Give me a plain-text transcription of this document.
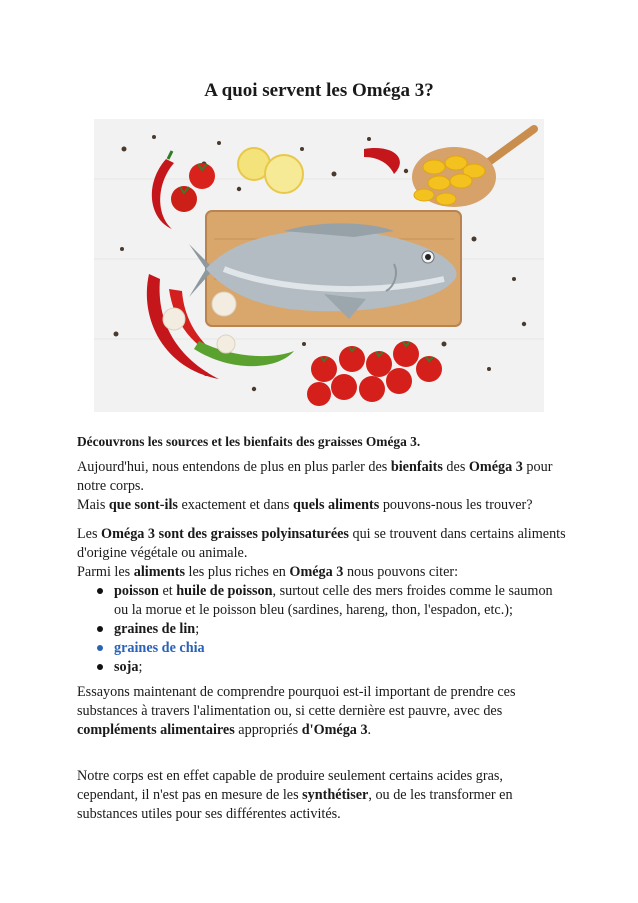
A quoi servent les Oméga 3?

Découvrons les sources et les bienfaits des graisses Oméga 3.

Aujourd'hui, nous entendons de plus en plus parler des bienfaits des Oméga 3 pour notre corps.

Mais que sont-ils exactement et dans quels aliments pouvons-nous les trouver?

Les Oméga 3 sont des graisses polyinsaturées qui se trouvent dans certains aliments d'origine végétale ou animale.

Parmi les aliments les plus riches en Oméga 3 nous pouvons citer:

poisson et huile de poisson, surtout celle des mers froides comme le saumon ou la morue et le poisson bleu (sardines, hareng, thon, l'espadon, etc.);
graines de lin;
graines de chia
soja;

Essayons maintenant de comprendre pourquoi est-il important de prendre ces substances à travers l'alimentation ou, si cette dernière est pauvre, avec des compléments alimentaires appropriés d'Oméga 3.

Notre corps est en effet capable de produire seulement certains acides gras, cependant, il n'est pas en mesure de les synthétiser, ou de les transformer en substances utiles pour ses différentes activités.
